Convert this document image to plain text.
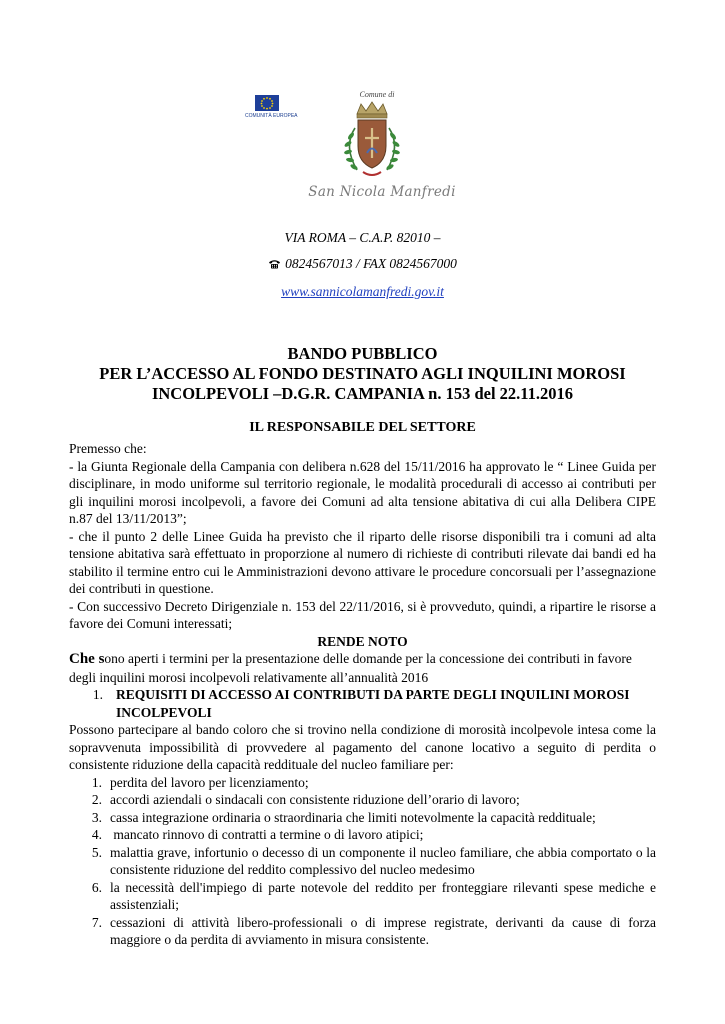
COMUNITÀ EUROPEA
Comune di
San Nicola Manfredi
VIA ROMA – C.A.P. 82010 –
0824567013 / FAX 0824567000
www.sannicolamanfredi.gov.it
BANDO PUBBLICO
PER L’ACCESSO AL FONDO DESTINATO AGLI INQUILINI MOROSI
INCOLPEVOLI –D.G.R. CAMPANIA n. 153 del 22.11.2016
IL RESPONSABILE DEL SETTORE

Premesso che:

- la Giunta Regionale della Campania con delibera n.628 del 15/11/2016 ha approvato le “ Linee Guida per disciplinare, in modo uniforme sul territorio regionale, le modalità procedurali di accesso ai contributi per gli inquilini morosi incolpevoli, a favore dei Comuni ad alta tensione abitativa di cui alla Delibera CIPE n.87 del 13/11/2013”;

- che il punto 2 delle Linee Guida ha previsto che il riparto delle risorse disponibili tra i comuni ad alta tensione abitativa sarà effettuato in proporzione al numero di richieste di contributi rilevate dai bandi ed ha stabilito il termine entro cui le Amministrazioni devono attivare le procedure concorsuali per l’assegnazione dei contributi in questione.

- Con successivo Decreto Dirigenziale n. 153 del 22/11/2016, si è provveduto, quindi, a ripartire le risorse a favore dei Comuni interessati;

RENDE NOTO

Che sono aperti i termini per la presentazione delle domande per la concessione dei contributi in favore degli inquilini morosi incolpevoli relativamente all’annualità 2016

1. REQUISITI DI ACCESSO AI CONTRIBUTI DA PARTE DEGLI INQUILINI MOROSI INCOLPEVOLI

Possono partecipare al bando coloro che si trovino nella condizione di morosità incolpevole intesa come la sopravvenuta impossibilità di provvedere al pagamento del canone locativo a seguito di perdita o consistente riduzione della capacità reddituale del nucleo familiare per:

1. perdita del lavoro per licenziamento;
2. accordi aziendali o sindacali con consistente riduzione dell’orario di lavoro;
3. cassa integrazione ordinaria o straordinaria che limiti notevolmente la capacità reddituale;
4. mancato rinnovo di contratti a termine o di lavoro atipici;
5. malattia grave, infortunio o decesso di un componente il nucleo familiare, che abbia comportato o la consistente riduzione del reddito complessivo del nucleo medesimo
6. la necessità dell'impiego di parte notevole del reddito per fronteggiare rilevanti spese mediche e assistenziali;
7. cessazioni di attività libero-professionali o di imprese registrate, derivanti da cause di forza maggiore o da perdita di avviamento in misura consistente.
